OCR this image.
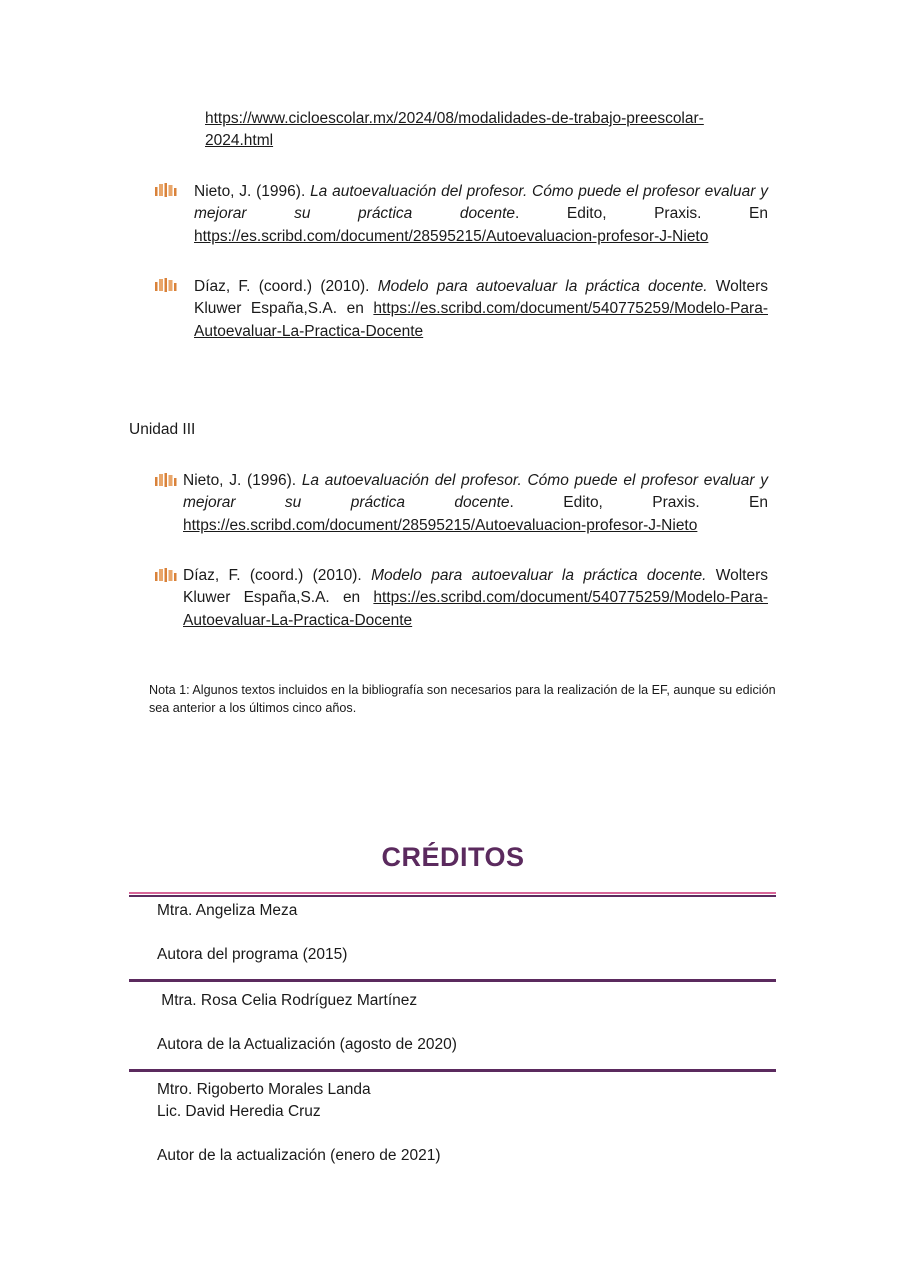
https://www.cicloescolar.mx/2024/08/modalidades-de-trabajo-preescolar-
2024.html

Nieto, J. (1996). La autoevaluación del profesor. Cómo puede el profesor evaluar y mejorar su práctica docente. Edito, Praxis. En https://es.scribd.com/document/28595215/Autoevaluacion-profesor-J-Nieto

Díaz, F. (coord.) (2010). Modelo para autoevaluar la práctica docente. Wolters Kluwer España,S.A. en https://es.scribd.com/document/540775259/Modelo-Para-Autoevaluar-La-Practica-Docente

Unidad III

Nieto, J. (1996). La autoevaluación del profesor. Cómo puede el profesor evaluar y mejorar su práctica docente. Edito, Praxis. En https://es.scribd.com/document/28595215/Autoevaluacion-profesor-J-Nieto

Díaz, F. (coord.) (2010). Modelo para autoevaluar la práctica docente. Wolters Kluwer España,S.A. en https://es.scribd.com/document/540775259/Modelo-Para-Autoevaluar-La-Practica-Docente

Nota 1: Algunos textos incluidos en la bibliografía son necesarios para la realización de la EF, aunque su edición sea anterior a los últimos cinco años.
CRÉDITOS
Mtra. Angeliza Meza
Autora del programa (2015)
Mtra. Rosa Celia Rodríguez Martínez
Autora de la Actualización (agosto de 2020)
Mtro. Rigoberto Morales Landa
Lic. David Heredia Cruz
Autor de la actualización (enero de 2021)
